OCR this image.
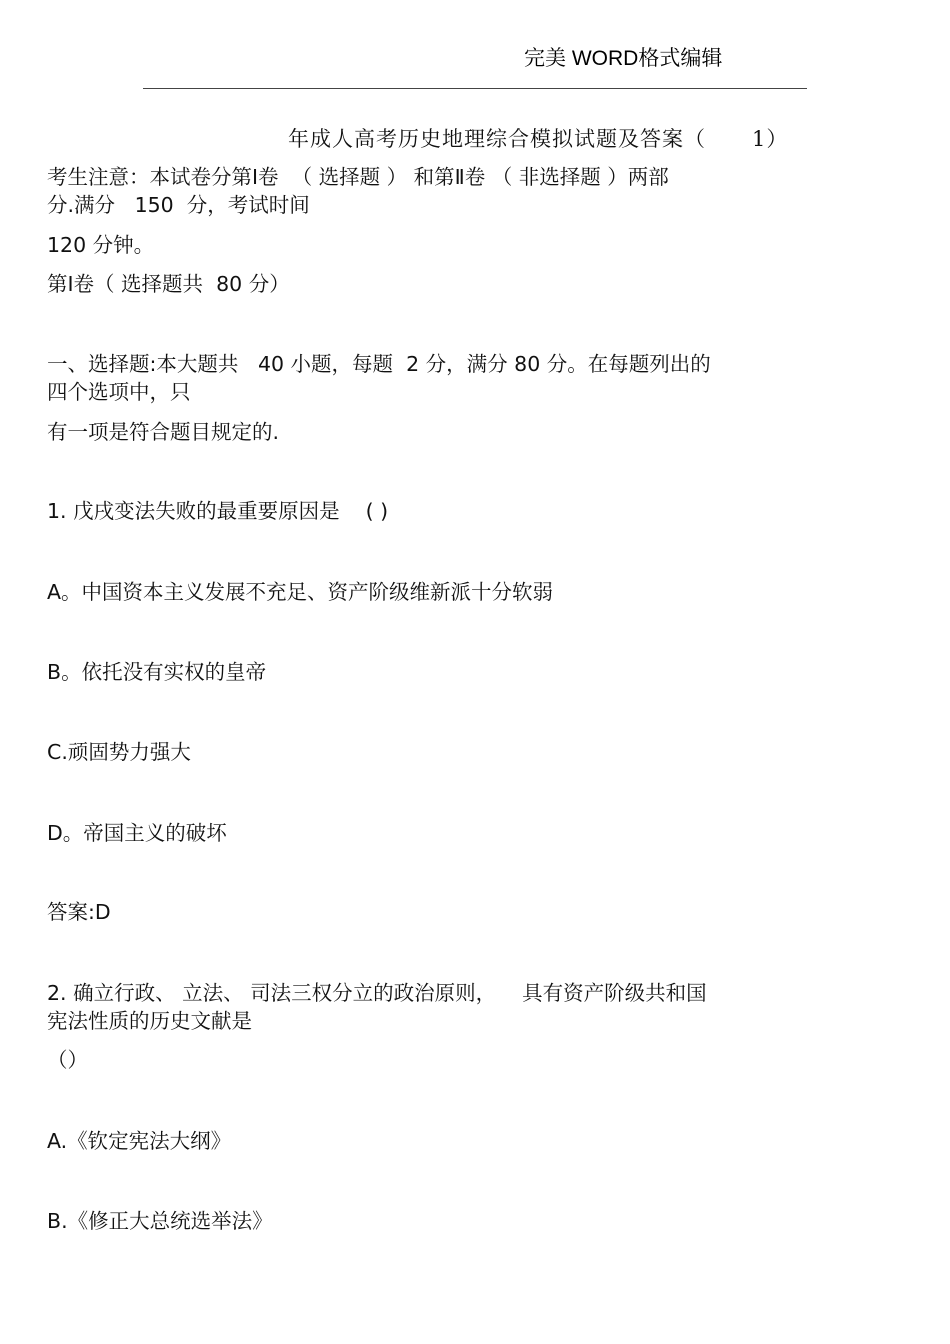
完美 WORD格式编辑
年成人高考历史地理综合模拟试题及答案（      1）
考生注意：本试卷分第Ⅰ卷  （ 选择题 ） 和第Ⅱ卷 （ 非选择题 ）两部
分.满分   150  分，考试时间
120 分钟。
第Ⅰ卷（ 选择题共  80 分）
一、选择题:本大题共   40 小题，每题  2 分，满分 80 分。在每题列出的
四个选项中，只
有一项是符合题目规定的.
1. 戊戌变法失败的最重要原因是    ( )
A。中国资本主义发展不充足、资产阶级维新派十分软弱
B。依托没有实权的皇帝
C.顽固势力强大
D。帝国主义的破坏
答案:D
2. 确立行政、 立法、 司法三权分立的政治原则，    具有资产阶级共和国
宪法性质的历史文献是
（）
A.《钦定宪法大纲》
B.《修正大总统选举法》
